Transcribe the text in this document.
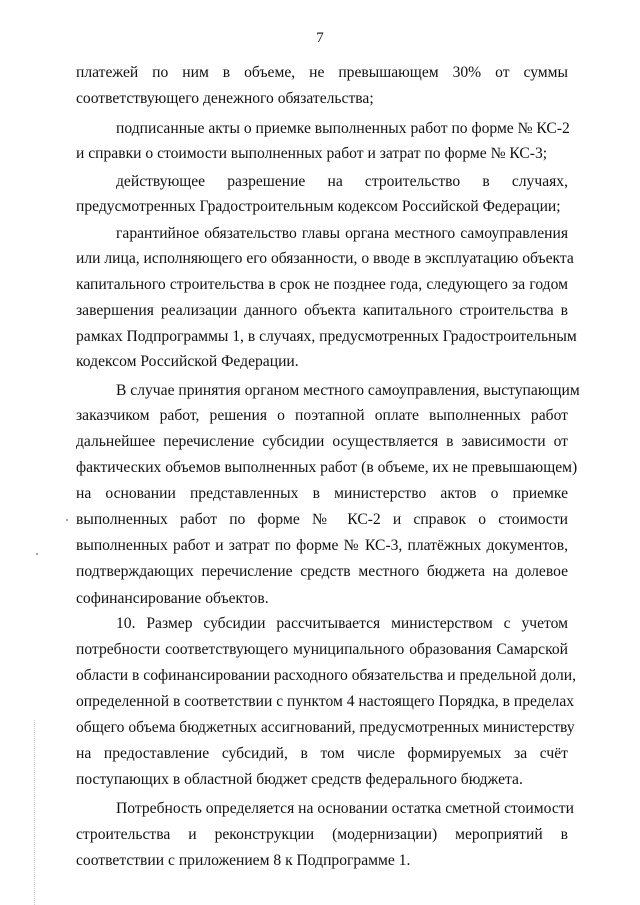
7
платежей по ним в объеме, не превышающем 30% от суммы
соответствующего денежного обязательства;
подписанные акты о приемке выполненных работ по форме № КС-2
и справки о стоимости выполненных работ и затрат по форме № КС-3;
действующее разрешение на строительство в случаях,
предусмотренных Градостроительным кодексом Российской Федерации;
гарантийное обязательство главы органа местного самоуправления
или лица, исполняющего его обязанности, о вводе в эксплуатацию объекта
капитального строительства в срок не позднее года, следующего за годом
завершения реализации данного объекта капитального строительства в
рамках Подпрограммы 1, в случаях, предусмотренных Градостроительным
кодексом Российской Федерации.
В случае принятия органом местного самоуправления, выступающим
заказчиком работ, решения о поэтапной оплате выполненных работ
дальнейшее перечисление субсидии осуществляется в зависимости от
фактических объемов выполненных работ (в объеме, их не превышающем)
на основании представленных в министерство актов о приемке
выполненных работ по форме № КС-2 и справок о стоимости
выполненных работ и затрат по форме № КС-3, платёжных документов,
подтверждающих перечисление средств местного бюджета на долевое
софинансирование объектов.
10. Размер субсидии рассчитывается министерством с учетом
потребности соответствующего муниципального образования Самарской
области в софинансировании расходного обязательства и предельной доли,
определенной в соответствии с пунктом 4 настоящего Порядка, в пределах
общего объема бюджетных ассигнований, предусмотренных министерству
на предоставление субсидий, в том числе формируемых за счёт
поступающих в областной бюджет средств федерального бюджета.
Потребность определяется на основании остатка сметной стоимости
строительства и реконструкции (модернизации) мероприятий в
соответствии с приложением 8 к Подпрограмме 1.
